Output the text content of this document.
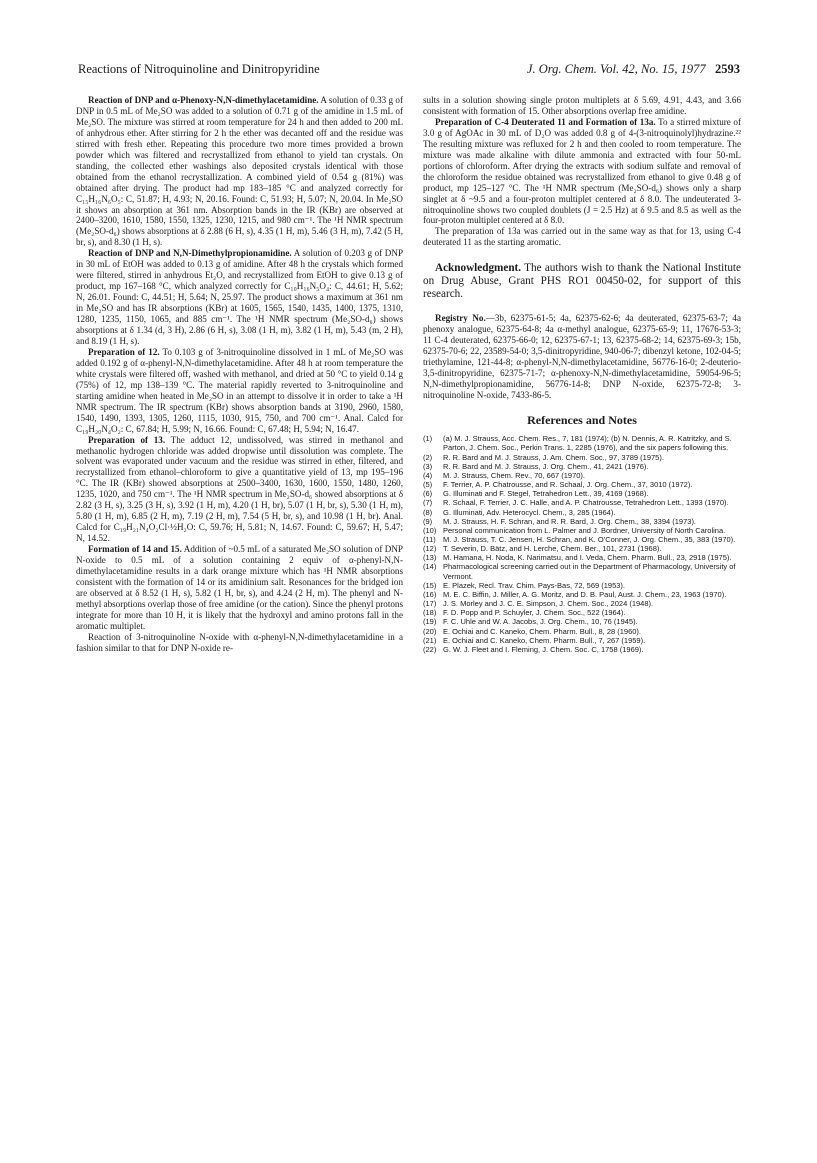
Reactions of Nitroquinoline and Dinitropyridine	J. Org. Chem. Vol. 42, No. 15, 1977 2593

Reaction of DNP and α-Phenoxy-N,N-dimethylacetamidine. A solution of 0.33 g of DNP in 0.5 mL of Me₂SO was added to a solution of 0.71 g of the amidine in 1.5 mL of Me₂SO. The mixture was stirred at room temperature for 24 h and then added to 200 mL of anhydrous ether. After stirring for 2 h the ether was decanted off and the residue was stirred with fresh ether. Repeating this procedure two more times provided a brown powder which was filtered and recrystallized from ethanol to yield tan crystals. On standing, the collected ether washings also deposited crystals identical with those obtained from the ethanol recrystallization. A combined yield of 0.54 g (81%) was obtained after drying. The product had mp 183–185 °C and analyzed correctly for C₁₅H₁₆N₆O₅: C, 51.87; H, 4.93; N, 20.16. Found: C, 51.93; H, 5.07; N, 20.04. In Me₂SO it shows an absorption at 361 nm. Absorption bands in the IR (KBr) are observed at 2400–3200, 1610, 1580, 1550, 1325, 1230, 1215, and 980 cm⁻¹. The ¹H NMR spectrum (Me₂SO-d₆) shows absorptions at δ 2.88 (6 H, s), 4.35 (1 H, m), 5.46 (3 H, m), 7.42 (5 H, br, s), and 8.30 (1 H, s).

Reaction of DNP and N,N-Dimethylpropionamidine. A solution of 0.203 g of DNP in 30 mL of EtOH was added to 0.13 g of amidine. After 48 h the crystals which formed were filtered, stirred in anhydrous Et₂O, and recrystallized from EtOH to give 0.13 g of product, mp 167–168 °C, which analyzed correctly for C₁₀H₁₆N₅O₄: C, 44.61; H, 5.62; N, 26.01. Found: C, 44.51; H, 5.64; N, 25.97. The product shows a maximum at 361 nm in Me₂SO and has IR absorptions (KBr) at 1605, 1565, 1540, 1435, 1400, 1375, 1310, 1280, 1235, 1150, 1065, and 885 cm⁻¹. The ¹H NMR spectrum (Me₂SO-d₆) shows absorptions at δ 1.34 (d, 3 H), 2.86 (6 H, s), 3.08 (1 H, m), 3.82 (1 H, m), 5.43 (m, 2 H), and 8.19 (1 H, s).

Preparation of 12. To 0.103 g of 3-nitroquinoline dissolved in 1 mL of Me₂SO was added 0.192 g of α-phenyl-N,N-dimethylacetamidine. After 48 h at room temperature the white crystals were filtered off, washed with methanol, and dried at 50 °C to yield 0.14 g (75%) of 12, mp 138–139 °C. The material rapidly reverted to 3-nitroquinoline and starting amidine when heated in Me₂SO in an attempt to dissolve it in order to take a ¹H NMR spectrum. The IR spectrum (KBr) shows absorption bands at 3190, 2960, 1580, 1540, 1490, 1393, 1305, 1260, 1115, 1030, 915, 750, and 700 cm⁻¹. Anal. Calcd for C₁₉H₂₀N₄O₂: C, 67.84; H, 5.99; N, 16.66. Found: C, 67.48; H, 5.94; N, 16.47.

Preparation of 13. The adduct 12, undissolved, was stirred in methanol and methanolic hydrogen chloride was added dropwise until dissolution was complete. The solvent was evaporated under vacuum and the residue was stirred in ether, filtered, and recrystallized from ethanol–chloroform to give a quantitative yield of 13, mp 195–196 °C. The IR (KBr) showed absorptions at 2500–3400, 1630, 1600, 1550, 1480, 1260, 1235, 1020, and 750 cm⁻¹. The ¹H NMR spectrum in Me₂SO-d₆ showed absorptions at δ 2.82 (3 H, s), 3.25 (3 H, s), 3.92 (1 H, m), 4.20 (1 H, br), 5.07 (1 H, br, s), 5.30 (1 H, m), 5.80 (1 H, m), 6.85 (2 H, m), 7.19 (2 H, m), 7.54 (5 H, br, s), and 10.98 (1 H, br). Anal. Calcd for C₁₉H₂₁N₄O₂Cl·½H₂O: C, 59.76; H, 5.81; N, 14.67. Found: C, 59.67; H, 5.47; N, 14.52.

Formation of 14 and 15. Addition of ~0.5 mL of a saturated Me₂SO solution of DNP N-oxide to 0.5 mL of a solution containing 2 equiv of α-phenyl-N,N-dimethylacetamidine results in a dark orange mixture which has ¹H NMR absorptions consistent with the formation of 14 or its amidinium salt. Resonances for the bridged ion are observed at δ 8.52 (1 H, s), 5.82 (1 H, br, s), and 4.24 (2 H, m). The phenyl and N-methyl absorptions overlap those of free amidine (or the cation). Since the phenyl protons integrate for more than 10 H, it is likely that the hydroxyl and amino protons fall in the aromatic multiplet.

Reaction of 3-nitroquinoline N-oxide with α-phenyl-N,N-dimethylacetamidine in a fashion similar to that for DNP N-oxide re-

sults in a solution showing single proton multiplets at δ 5.69, 4.91, 4.43, and 3.66 consistent with formation of 15. Other absorptions overlap free amidine.

Preparation of C-4 Deuterated 11 and Formation of 13a. To a stirred mixture of 3.0 g of AgOAc in 30 mL of D₂O was added 0.8 g of 4-(3-nitroquinolyl)hydrazine.²² The resulting mixture was refluxed for 2 h and then cooled to room temperature. The mixture was made alkaline with dilute ammonia and extracted with four 50-mL portions of chloroform. After drying the extracts with sodium sulfate and removal of the chloroform the residue obtained was recrystallized from ethanol to give 0.48 g of product, mp 125–127 °C. The ¹H NMR spectrum (Me₂SO-d₆) shows only a sharp singlet at δ ~9.5 and a four-proton multiplet centered at δ 8.0. The undeuterated 3-nitroquinoline shows two coupled doublets (J = 2.5 Hz) at δ 9.5 and 8.5 as well as the four-proton multiplet centered at δ 8.0.

The preparation of 13a was carried out in the same way as that for 13, using C-4 deuterated 11 as the starting aromatic.

Acknowledgment. The authors wish to thank the National Institute on Drug Abuse, Grant PHS RO1 00450-02, for support of this research.

Registry No.—3b, 62375-61-5; 4a, 62375-62-6; 4a deuterated, 62375-63-7; 4a phenoxy analogue, 62375-64-8; 4a α-methyl analogue, 62375-65-9; 11, 17676-53-3; 11 C-4 deuterated, 62375-66-0; 12, 62375-67-1; 13, 62375-68-2; 14, 62375-69-3; 15b, 62375-70-6; 22, 23589-54-0; 3,5-dinitropyridine, 940-06-7; dibenzyl ketone, 102-04-5; triethylamine, 121-44-8; α-phenyl-N,N-dimethylacetamidine, 56776-16-0; 2-deuterio-3,5-dinitropyridine, 62375-71-7; α-phenoxy-N,N-dimethylacetamidine, 59054-96-5; N,N-dimethylpropionamidine, 56776-14-8; DNP N-oxide, 62375-72-8; 3-nitroquinoline N-oxide, 7433-86-5.

References and Notes
(1)	(a) M. J. Strauss, Acc. Chem. Res., 7, 181 (1974); (b) N. Dennis, A. R. Katritzky, and S. Parton, J. Chem. Soc., Perkin Trans. 1, 2285 (1976), and the six papers following this.
(2)	R. R. Bard and M. J. Strauss, J. Am. Chem. Soc., 97, 3789 (1975).
(3)	R. R. Bard and M. J. Strauss, J. Org. Chem., 41, 2421 (1976).
(4)	M. J. Strauss, Chem. Rev., 70, 667 (1970).
(5)	F. Terrier, A. P. Chatrousse, and R. Schaal, J. Org. Chem., 37, 3010 (1972).
(6)	G. Illuminati and F. Stegel, Tetrahedron Lett., 39, 4169 (1968).
(7)	R. Schaal, F. Terrier, J. C. Halle, and A. P. Chatrousse, Tetrahedron Lett., 1393 (1970).
(8)	G. Illuminati, Adv. Heterocycl. Chem., 3, 285 (1964).
(9)	M. J. Strauss, H. F. Schran, and R. R. Bard, J. Org. Chem., 38, 3394 (1973).
(10) Personal communication from L. Palmer and J. Bordner, University of North Carolina.
(11) M. J. Strauss, T. C. Jensen, H. Schran, and K. O'Conner, J. Org. Chem., 35, 383 (1970).
(12) T. Severin, D. Bätz, and H. Lerche, Chem. Ber., 101, 2731 (1968).
(13) M. Hamana, H. Noda, K. Narimatsu, and I. Veda, Chem. Pharm. Bull., 23, 2918 (1975).
(14) Pharmacological screening carried out in the Department of Pharmacology, University of Vermont.
(15) E. Plazek, Recl. Trav. Chim. Pays-Bas, 72, 569 (1953).
(16) M. E. C. Biffin, J. Miller, A. G. Moritz, and D. B. Paul, Aust. J. Chem., 23, 1963 (1970).
(17) J. S. Morley and J. C. E. Simpson, J. Chem. Soc., 2024 (1948).
(18) F. D. Popp and P. Schuyler, J. Chem. Soc., 522 (1964).
(19) F. C. Uhle and W. A. Jacobs, J. Org. Chem., 10, 76 (1945).
(20) E. Ochiai and C. Kaneko, Chem. Pharm. Bull., 8, 28 (1960).
(21) E. Ochiai and C. Kaneko, Chem. Pharm. Bull., 7, 267 (1959).
(22) G. W. J. Fleet and I. Fleming, J. Chem. Soc. C, 1758 (1969).
